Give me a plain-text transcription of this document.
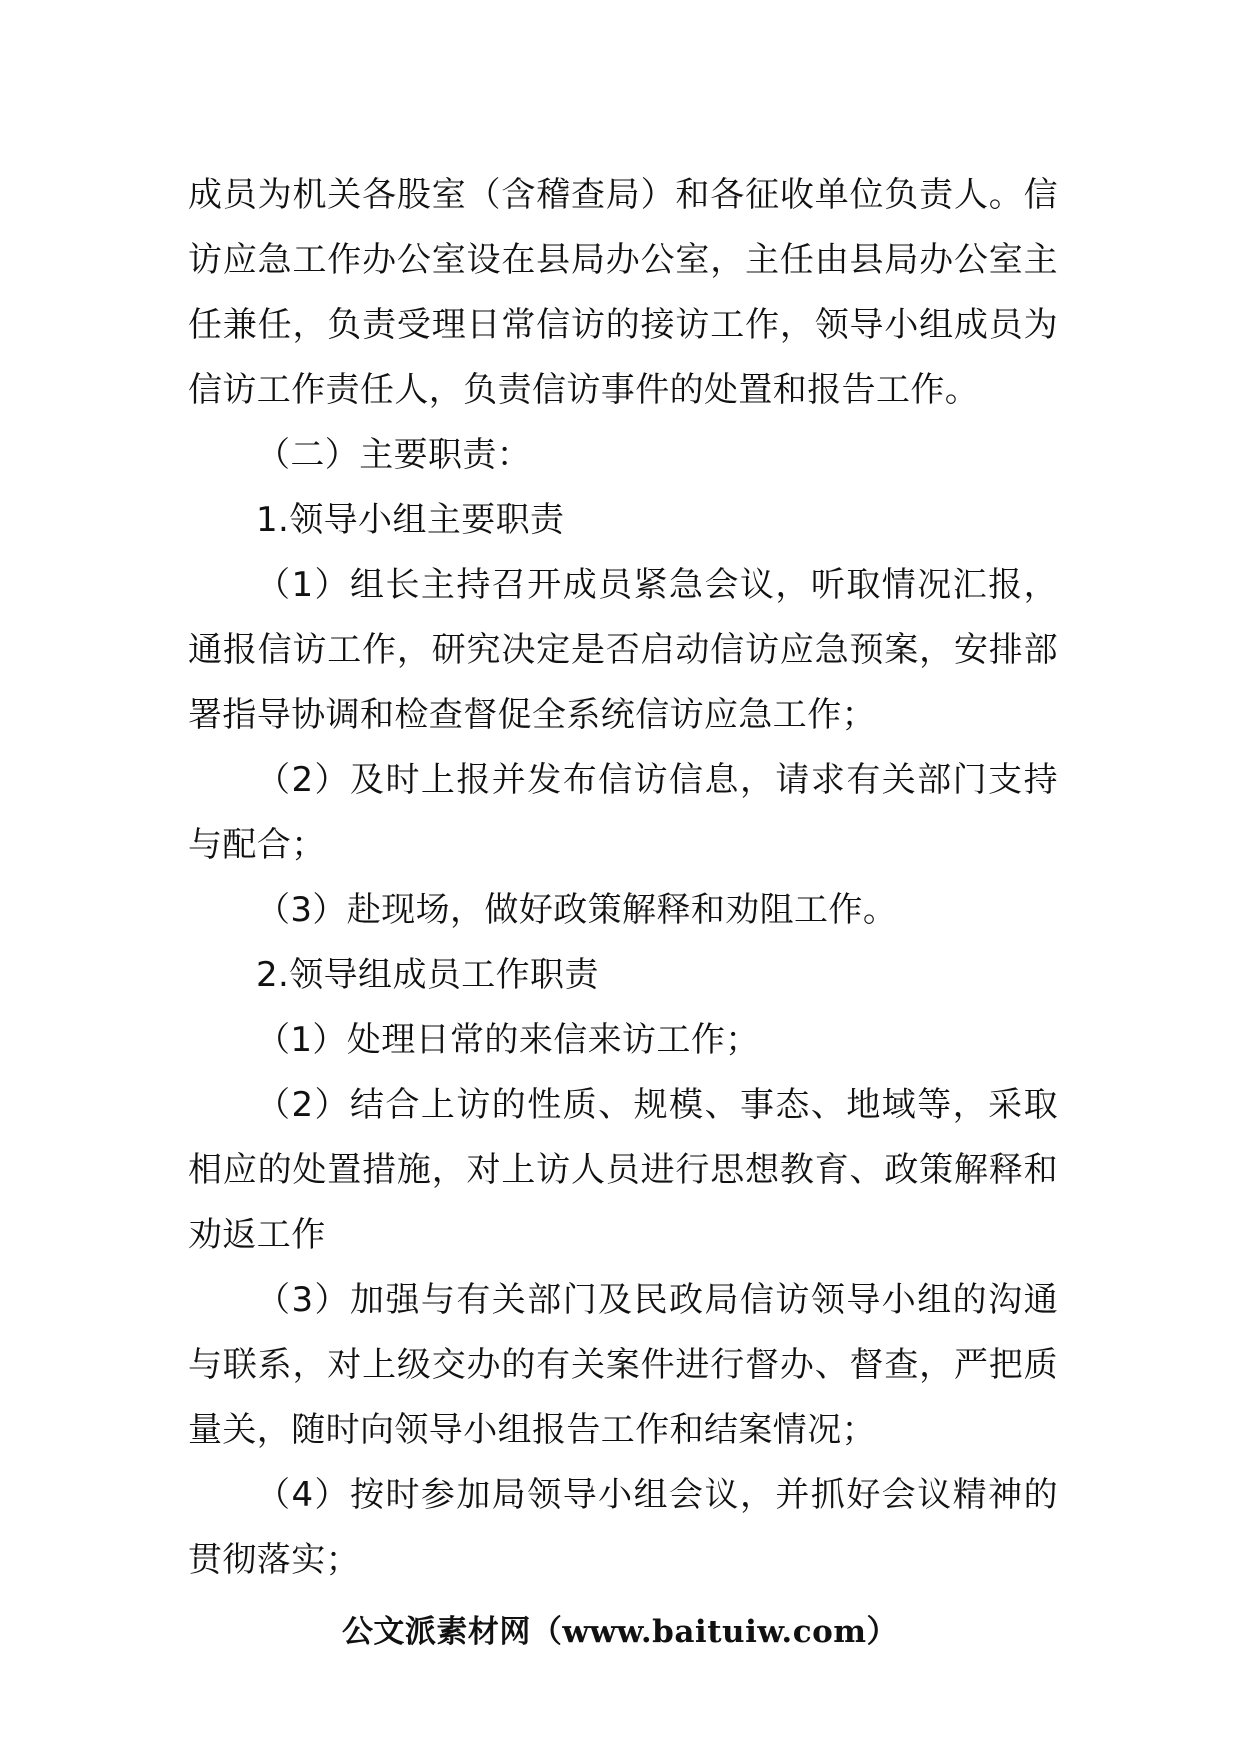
成员为机关各股室（含稽查局）和各征收单位负责人。信访应急工作办公室设在县局办公室，主任由县局办公室主任兼任，负责受理日常信访的接访工作，领导小组成员为信访工作责任人，负责信访事件的处置和报告工作。

（二）主要职责：

1.领导小组主要职责

（1）组长主持召开成员紧急会议，听取情况汇报，通报信访工作，研究决定是否启动信访应急预案，安排部署指导协调和检查督促全系统信访应急工作；

（2）及时上报并发布信访信息，请求有关部门支持与配合；

（3）赴现场，做好政策解释和劝阻工作。

2.领导组成员工作职责

（1）处理日常的来信来访工作；

（2）结合上访的性质、规模、事态、地域等，采取相应的处置措施，对上访人员进行思想教育、政策解释和劝返工作

（3）加强与有关部门及民政局信访领导小组的沟通与联系，对上级交办的有关案件进行督办、督查，严把质量关，随时向领导小组报告工作和结案情况；

（4）按时参加局领导小组会议，并抓好会议精神的贯彻落实；

公文派素材网（www.baituiw.com）
